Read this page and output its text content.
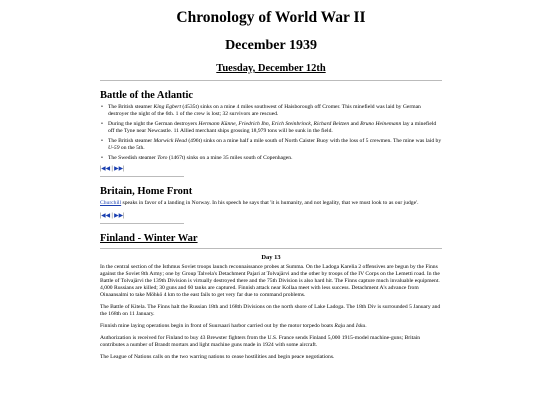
Chronology of World War II
December 1939
Tuesday, December 12th
Battle of the Atlantic
• The British steamer King Egbert (4535t) sinks on a mine 4 miles southwest of Haisborough off Cromer. This minefield was laid by German destroyer the night of the 6th. 1 of the crew is lost; 32 survivors are rescued.
• During the night the German destroyers Hermann Künne, Friedrich Ihn, Erich Steinbrinck, Richard Beitzen and Bruno Heinemann lay a minefield off the Tyne near Newcastle. 11 Allied merchant ships grossing 18,979 tons will be sunk in the field.
• The British steamer Marwick Head (496t) sinks on a mine half a mile south of North Caister Buoy with the loss of 5 crewmen. The mine was laid by U-59 on the 5th.
• The Swedish steamer Toro (1467t) sinks on a mine 35 miles south of Copenhagen.
|◀◀ | ▶▶|
Britain, Home Front
Churchill speaks in favor of a landing in Norway. In his speech he says that 'it is humanity, and not legality, that we must look to as our judge'.
|◀◀ | ▶▶|
Finland - Winter War
Day 13
In the central section of the Isthmus Soviet troops launch reconnaissance probes at Summa. On the Ladoga Karelia 2 offensives are begun by the Finns against the Soviet 8th Army; one by Group Talvela's Detachment Pajari at Tolvajärvi and the other by troops of the IV Corps on the Lemetti road. In the Battle of Tolvajärvi the 139th Division is virtually destroyed there and the 75th Division is also hard hit. The Finns capture much invaluable equipment. 4,000 Russians are killed; 30 guns and 60 tanks are captured. Finnish attack near Kollaa meet with less success. Detachment A's advance from Oinaansalmi to take Möhkö 4 km to the east fails to get very far due to command problems.
The Battle of Kitela. The Finns halt the Russian 18th and 168th Divisions on the north shore of Lake Ladoga. The 18th Div is surrounded 5 January and the 168th on 11 January.
Finnish mine laying operations begin in front of Suursaari harbor carried out by the motor torpedo boats Raju and Isku.
Authorization is received for Finland to buy 43 Brewster fighters from the U.S. France sends Finland 5,000 1915-model machine-guns; Britain contributes a number of Brandt mortars and light machine guns made in 1924 with some aircraft.
The League of Nations calls on the two warring nations to cease hostilities and begin peace negotiations.
